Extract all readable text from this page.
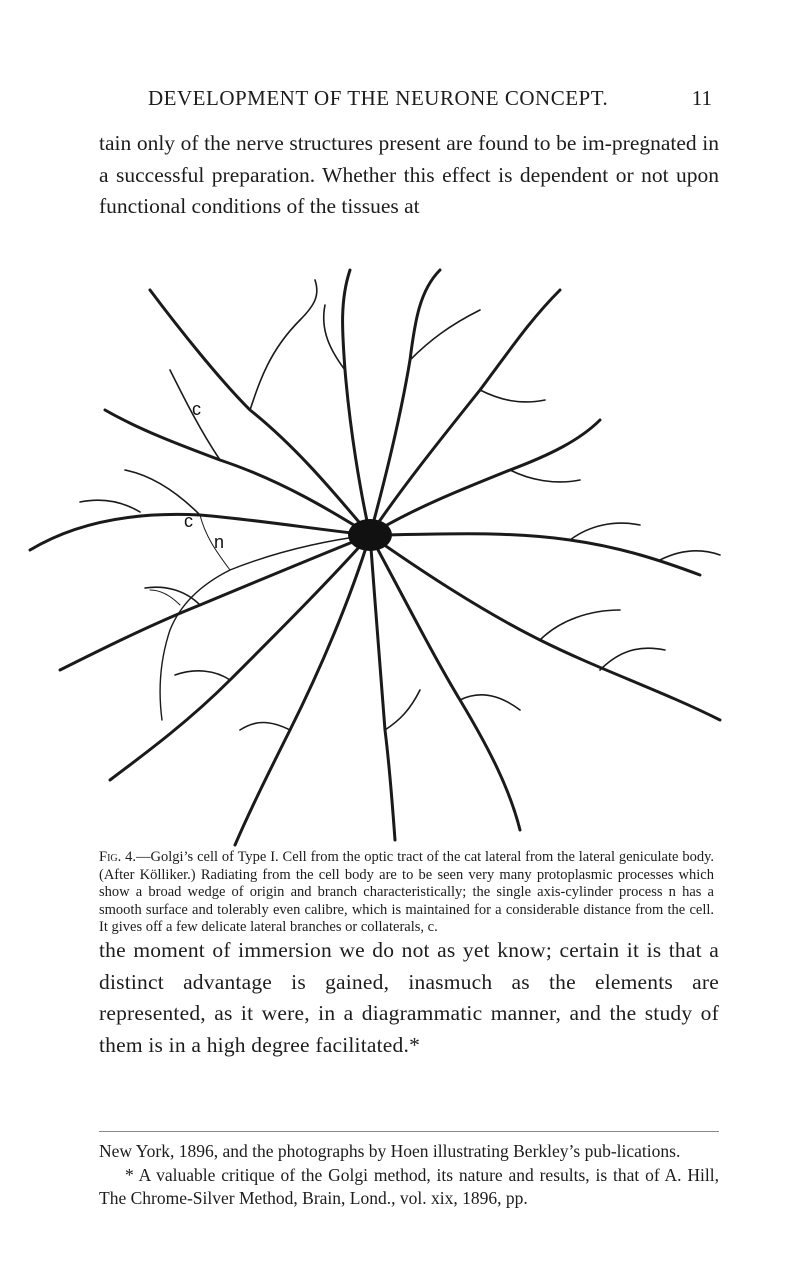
DEVELOPMENT OF THE NEURONE CONCEPT.	11

tain only of the nerve structures present are found to be im-pregnated in a successful preparation. Whether this effect is dependent or not upon functional conditions of the tissues at

c
c
n

Fig. 4.—Golgi’s cell of Type I. Cell from the optic tract of the cat lateral from the lateral geniculate body. (After Kölliker.) Radiating from the cell body are to be seen very many protoplasmic processes which show a broad wedge of origin and branch characteristically; the single axis-cylinder process n has a smooth surface and tolerably even calibre, which is maintained for a considerable distance from the cell. It gives off a few delicate lateral branches or collaterals, c.

the moment of immersion we do not as yet know; certain it is that a distinct advantage is gained, inasmuch as the elements are represented, as it were, in a diagrammatic manner, and the study of them is in a high degree facilitated.*

New York, 1896, and the photographs by Hoen illustrating Berkley’s pub-lications.

* A valuable critique of the Golgi method, its nature and results, is that of A. Hill, The Chrome-Silver Method, Brain, Lond., vol. xix, 1896, pp.
